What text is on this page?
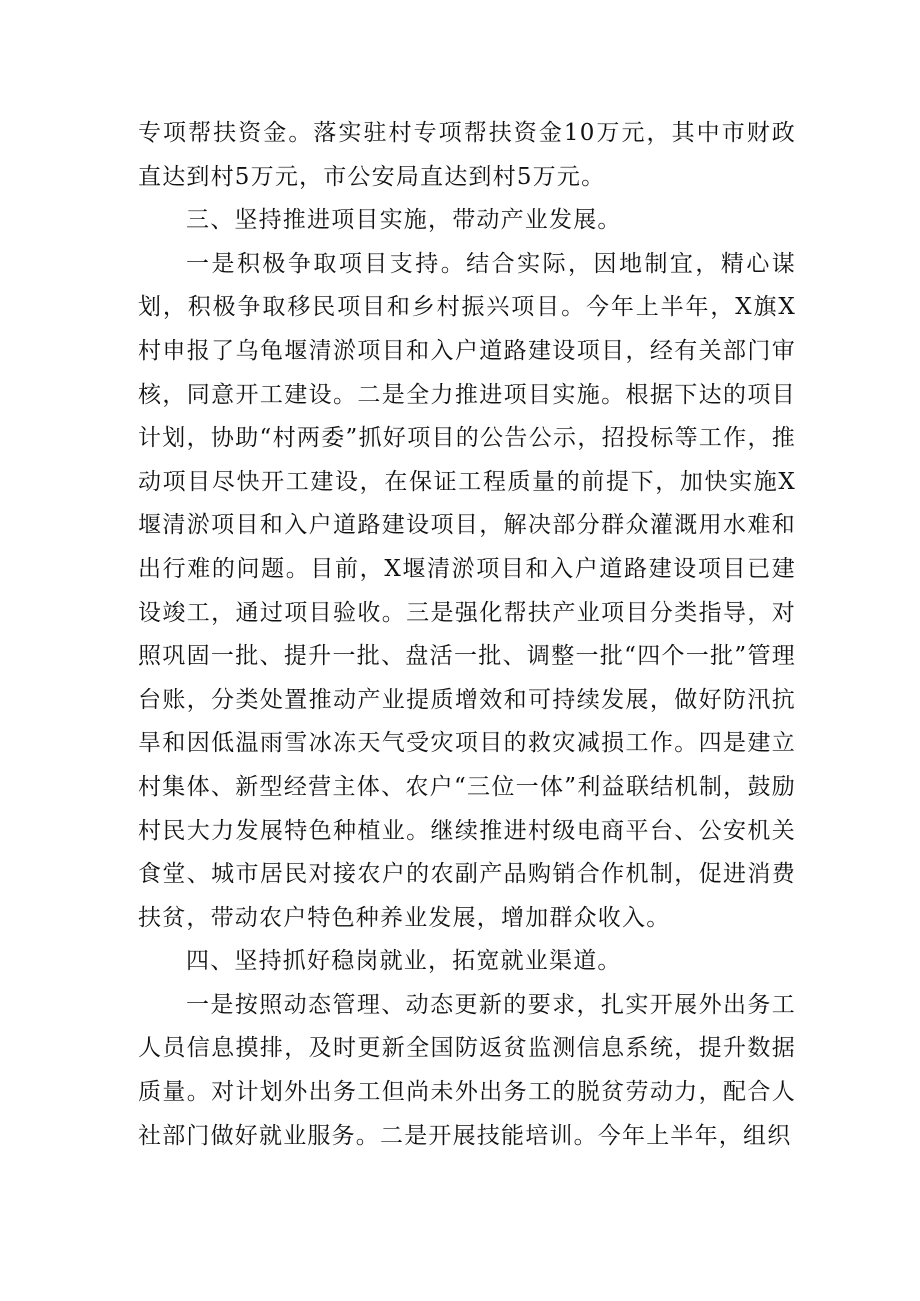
专项帮扶资金。落实驻村专项帮扶资金10万元，其中市财政直达到村5万元，市公安局直达到村5万元。

三、坚持推进项目实施，带动产业发展。

一是积极争取项目支持。结合实际，因地制宜，精心谋划，积极争取移民项目和乡村振兴项目。今年上半年，X旗X村申报了乌龟堰清淤项目和入户道路建设项目，经有关部门审核，同意开工建设。二是全力推进项目实施。根据下达的项目计划，协助“村两委”抓好项目的公告公示，招投标等工作，推动项目尽快开工建设，在保证工程质量的前提下，加快实施X堰清淤项目和入户道路建设项目，解决部分群众灌溉用水难和出行难的问题。目前，X堰清淤项目和入户道路建设项目已建设竣工，通过项目验收。三是强化帮扶产业项目分类指导，对照巩固一批、提升一批、盘活一批、调整一批“四个一批”管理台账，分类处置推动产业提质增效和可持续发展，做好防汛抗旱和因低温雨雪冰冻天气受灾项目的救灾减损工作。四是建立村集体、新型经营主体、农户“三位一体”利益联结机制，鼓励村民大力发展特色种植业。继续推进村级电商平台、公安机关食堂、城市居民对接农户的农副产品购销合作机制，促进消费扶贫，带动农户特色种养业发展，增加群众收入。

四、坚持抓好稳岗就业，拓宽就业渠道。

一是按照动态管理、动态更新的要求，扎实开展外出务工人员信息摸排，及时更新全国防返贫监测信息系统，提升数据质量。对计划外出务工但尚未外出务工的脱贫劳动力，配合人社部门做好就业服务。二是开展技能培训。今年上半年，组织
